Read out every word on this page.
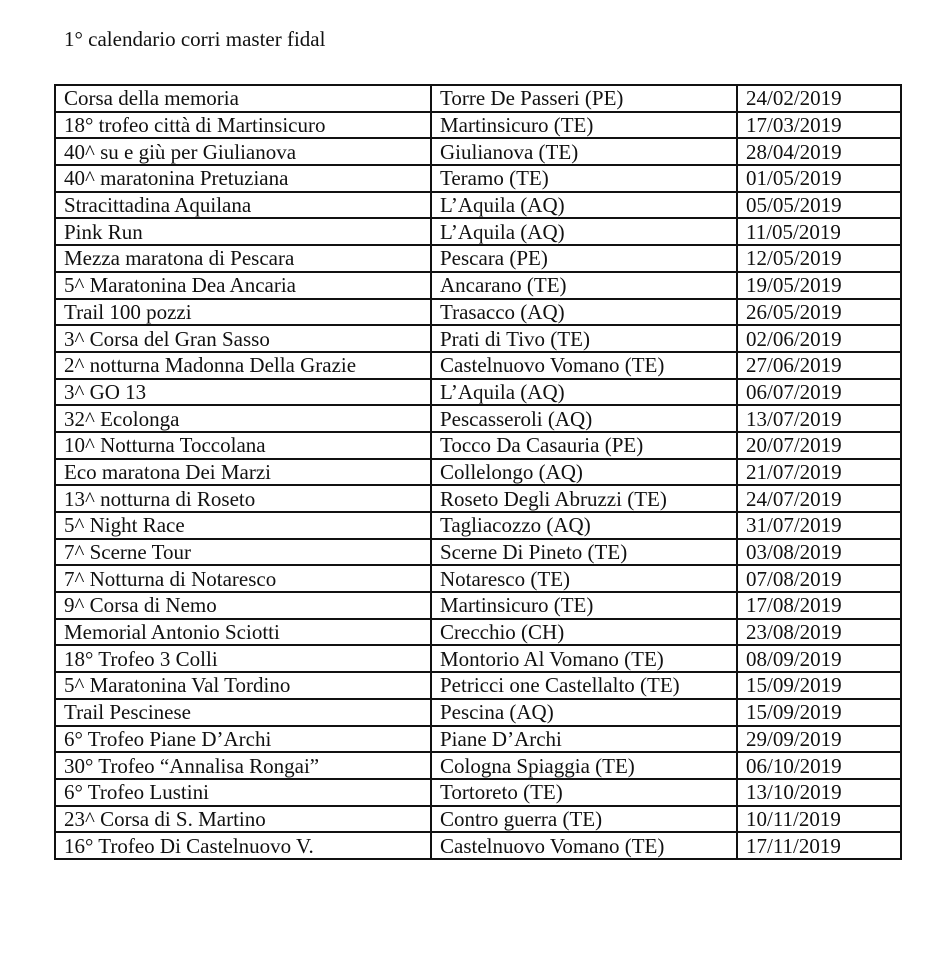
1° calendario corri master fidal
Corsa della memoria	Torre De Passeri (PE)	24/02/2019
18° trofeo città di Martinsicuro	Martinsicuro (TE)	17/03/2019
40^ su e giù per Giulianova	Giulianova (TE)	28/04/2019
40^ maratonina Pretuziana	Teramo (TE)	01/05/2019
Stracittadina Aquilana	L’Aquila (AQ)	05/05/2019
Pink Run	L’Aquila (AQ)	11/05/2019
Mezza maratona di Pescara	Pescara (PE)	12/05/2019
5^ Maratonina Dea Ancaria	Ancarano (TE)	19/05/2019
Trail 100 pozzi	Trasacco (AQ)	26/05/2019
3^ Corsa del Gran Sasso	Prati di Tivo (TE)	02/06/2019
2^ notturna Madonna Della Grazie	Castelnuovo Vomano (TE)	27/06/2019
3^ GO 13	L’Aquila (AQ)	06/07/2019
32^ Ecolonga	Pescasseroli (AQ)	13/07/2019
10^ Notturna Toccolana	Tocco Da Casauria (PE)	20/07/2019
Eco maratona Dei Marzi	Collelongo (AQ)	21/07/2019
13^ notturna di Roseto	Roseto Degli Abruzzi (TE)	24/07/2019
5^ Night Race	Tagliacozzo (AQ)	31/07/2019
7^ Scerne Tour	Scerne Di Pineto (TE)	03/08/2019
7^ Notturna di Notaresco	Notaresco (TE)	07/08/2019
9^ Corsa di Nemo	Martinsicuro (TE)	17/08/2019
Memorial Antonio Sciotti	Crecchio (CH)	23/08/2019
18° Trofeo 3 Colli	Montorio Al Vomano (TE)	08/09/2019
5^ Maratonina Val Tordino	Petricci one Castellalto (TE)	15/09/2019
Trail Pescinese	Pescina (AQ)	15/09/2019
6° Trofeo Piane D’Archi	Piane D’Archi	29/09/2019
30° Trofeo “Annalisa Rongai”	Cologna Spiaggia (TE)	06/10/2019
6° Trofeo Lustini	Tortoreto (TE)	13/10/2019
23^ Corsa di S. Martino	Contro guerra (TE)	10/11/2019
16° Trofeo Di Castelnuovo V.	Castelnuovo Vomano (TE)	17/11/2019
